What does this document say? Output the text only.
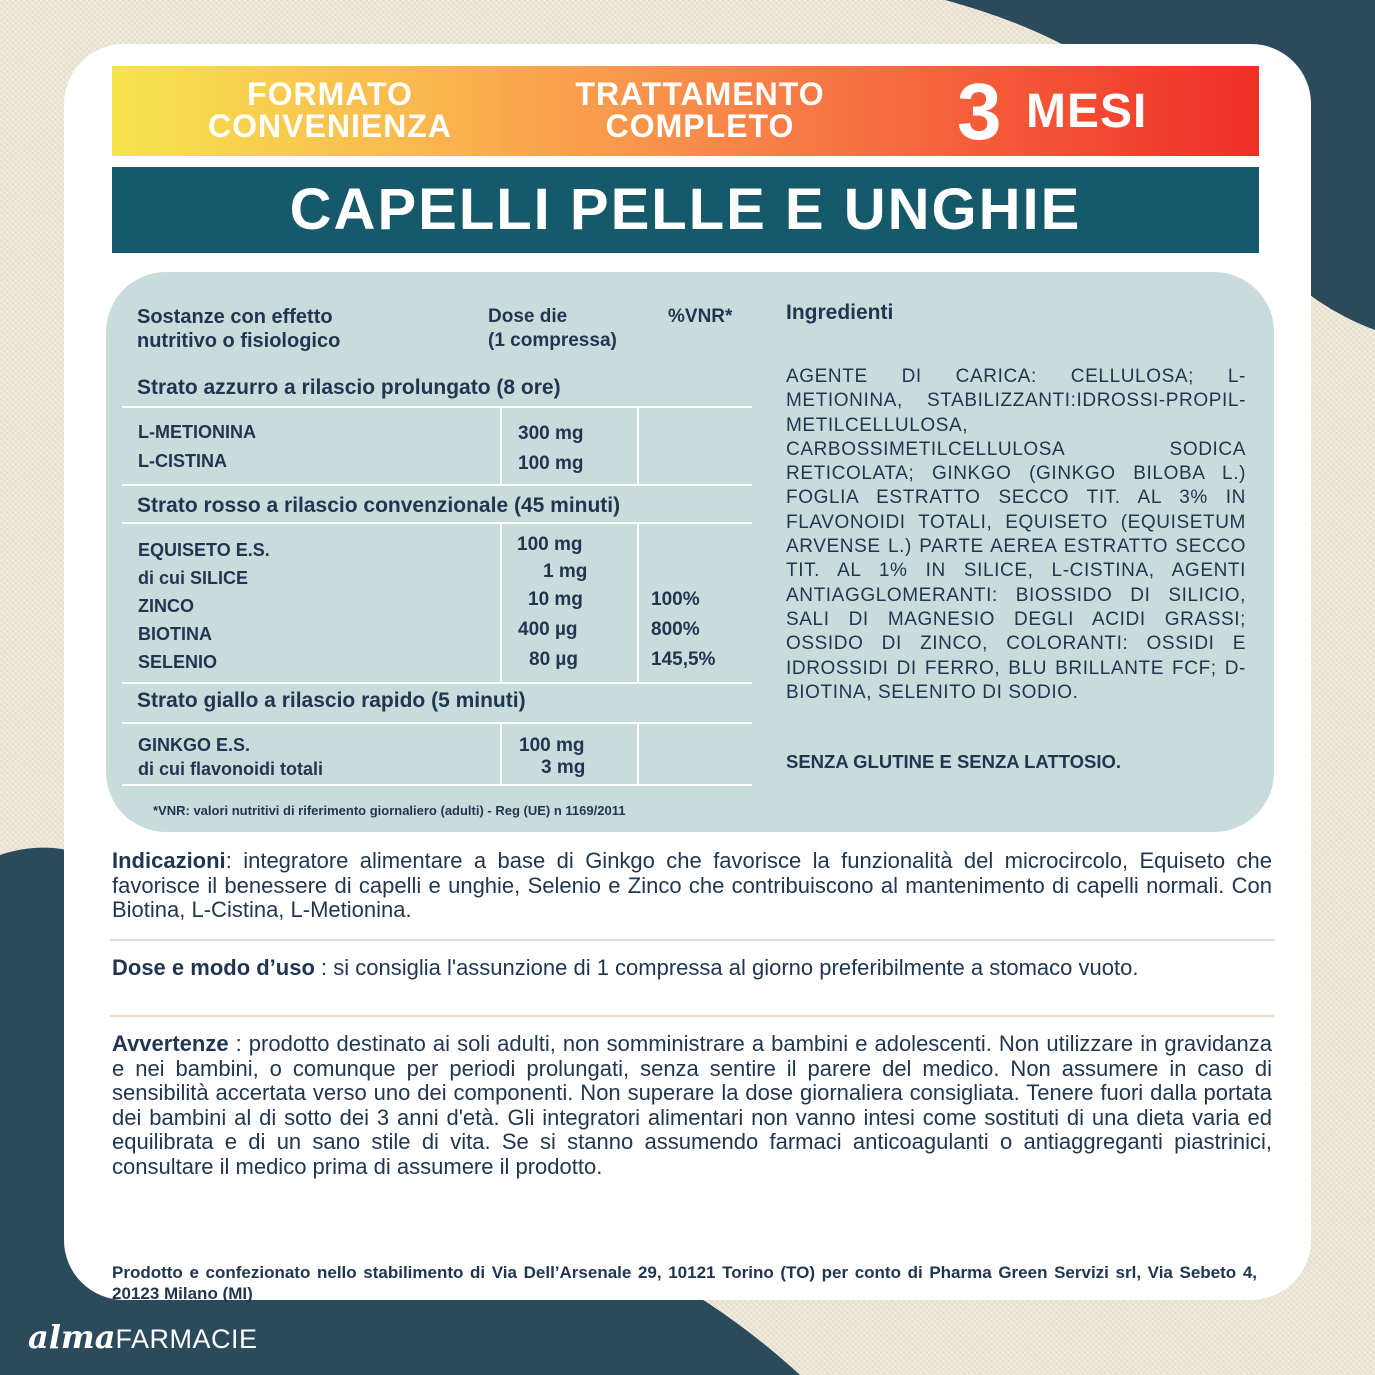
FORMATO
CONVENIENZA
TRATTAMENTO
COMPLETO	3 MESI
CAPELLI PELLE E UNGHIE
Sostanze con effetto
nutritivo o fisiologico
Dose die
(1 compressa)
%VNR*
Strato azzurro a rilascio prolungato (8 ore)
L-METIONINA	300 mg
L-CISTINA	100 mg
Strato rosso a rilascio convenzionale (45 minuti)
EQUISETO E.S.	100 mg
di cui SILICE	1 mg
ZINCO	10 mg	100%
BIOTINA	400 µg	800%
SELENIO	80 µg	145,5%
Strato giallo a rilascio rapido (5 minuti)
GINKGO E.S.	100 mg
di cui flavonoidi totali	3 mg
*VNR: valori nutritivi di riferimento giornaliero (adulti) - Reg (UE) n 1169/2011
Ingredienti
AGENTE DI CARICA: CELLULOSA; L-METIONINA, STABILIZZANTI:IDROSSI-PROPIL-METILCELLULOSA, CARBOSSIMETILCELLULOSA SODICA RETICOLATA; GINKGO (GINKGO BILOBA L.) FOGLIA ESTRATTO SECCO TIT. AL 3% IN FLAVONOIDI TOTALI, EQUISETO (EQUISETUM ARVENSE L.) PARTE AEREA ESTRATTO SECCO TIT. AL 1% IN SILICE, L-CISTINA, AGENTI ANTIAGGLOMERANTI: BIOSSIDO DI SILICIO, SALI DI MAGNESIO DEGLI ACIDI GRASSI; OSSIDO DI ZINCO, COLORANTI: OSSIDI E IDROSSIDI DI FERRO, BLU BRILLANTE FCF; D-BIOTINA, SELENITO DI SODIO.
SENZA GLUTINE E SENZA LATTOSIO.
Indicazioni: integratore alimentare a base di Ginkgo che favorisce la funzionalità del microcircolo, Equiseto che favorisce il benessere di capelli e unghie, Selenio e Zinco che contribuiscono al mantenimento di capelli normali. Con Biotina, L-Cistina, L-Metionina.
Dose e modo d’uso : si consiglia l'assunzione di 1 compressa al giorno preferibilmente a stomaco vuoto.
Avvertenze : prodotto destinato ai soli adulti, non somministrare a bambini e adolescenti. Non utilizzare in gravidanza e nei bambini, o comunque per periodi prolungati, senza sentire il parere del medico. Non assumere in caso di sensibilità accertata verso uno dei componenti. Non superare la dose giornaliera consigliata. Tenere fuori dalla portata dei bambini al di sotto dei 3 anni d'età. Gli integratori alimentari non vanno intesi come sostituti di una dieta varia ed equilibrata e di un sano stile di vita. Se si stanno assumendo farmaci anticoagulanti o antiaggreganti piastrinici, consultare il medico prima di assumere il prodotto.
Prodotto e confezionato nello stabilimento di Via Dell’Arsenale 29, 10121 Torino (TO) per conto di Pharma Green Servizi srl, Via Sebeto 4, 20123 Milano (MI)
almaFARMACIE
